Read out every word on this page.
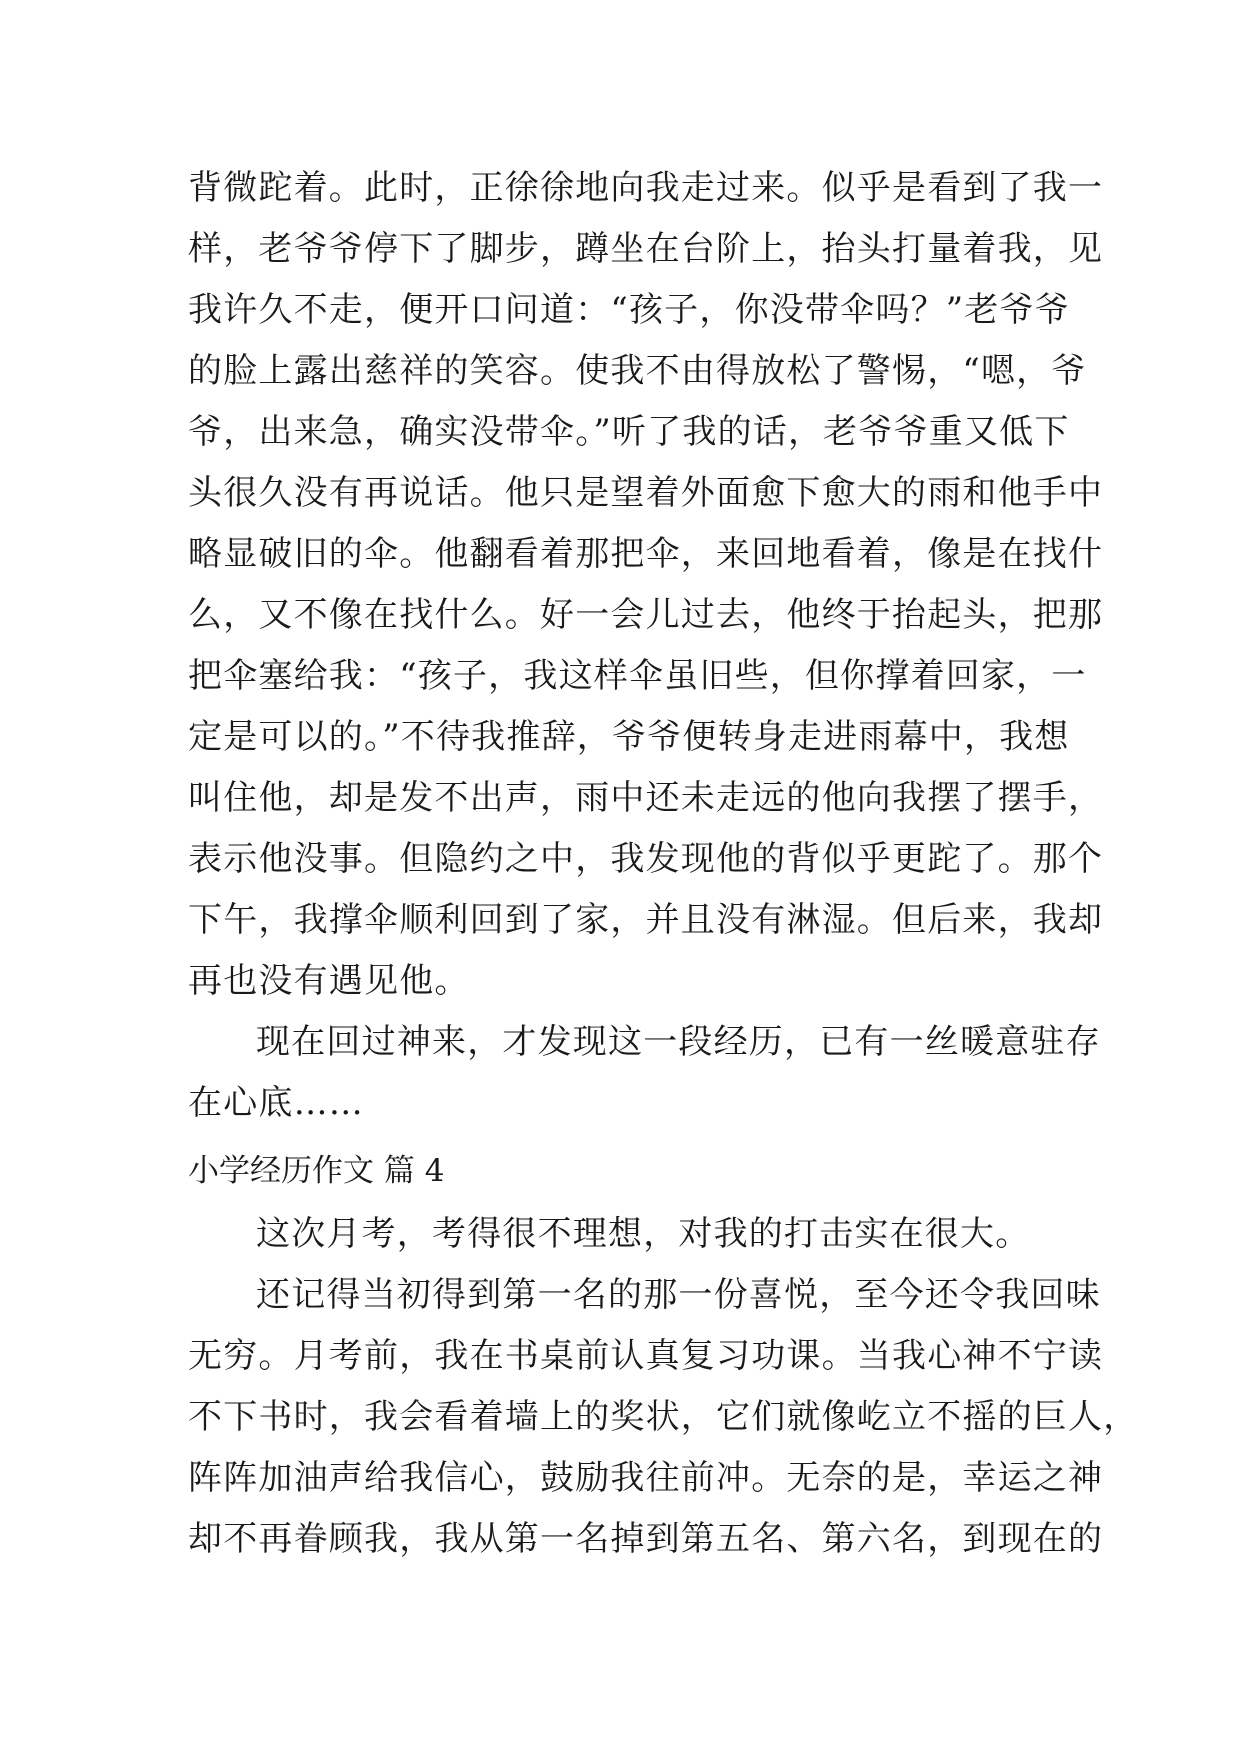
背微跎着。此时，正徐徐地向我走过来。似乎是看到了我一
样，老爷爷停下了脚步，蹲坐在台阶上，抬头打量着我，见
我许久不走，便开口问道：“孩子，你没带伞吗？”老爷爷
的脸上露出慈祥的笑容。使我不由得放松了警惕，“嗯，爷
爷，出来急，确实没带伞。”听了我的话，老爷爷重又低下
头很久没有再说话。他只是望着外面愈下愈大的雨和他手中
略显破旧的伞。他翻看着那把伞，来回地看着，像是在找什
么，又不像在找什么。好一会儿过去，他终于抬起头，把那
把伞塞给我：“孩子，我这样伞虽旧些，但你撑着回家，一
定是可以的。”不待我推辞，爷爷便转身走进雨幕中，我想
叫住他，却是发不出声，雨中还未走远的他向我摆了摆手，
表示他没事。但隐约之中，我发现他的背似乎更跎了。那个
下午，我撑伞顺利回到了家，并且没有淋湿。但后来，我却
再也没有遇见他。
现在回过神来，才发现这一段经历，已有一丝暖意驻存
在心底……
小学经历作文 篇 4
这次月考，考得很不理想，对我的打击实在很大。
还记得当初得到第一名的那一份喜悦，至今还令我回味
无穷。月考前，我在书桌前认真复习功课。当我心神不宁读
不下书时，我会看着墙上的奖状，它们就像屹立不摇的巨人，
阵阵加油声给我信心，鼓励我往前冲。无奈的是，幸运之神
却不再眷顾我，我从第一名掉到第五名、第六名，到现在的
